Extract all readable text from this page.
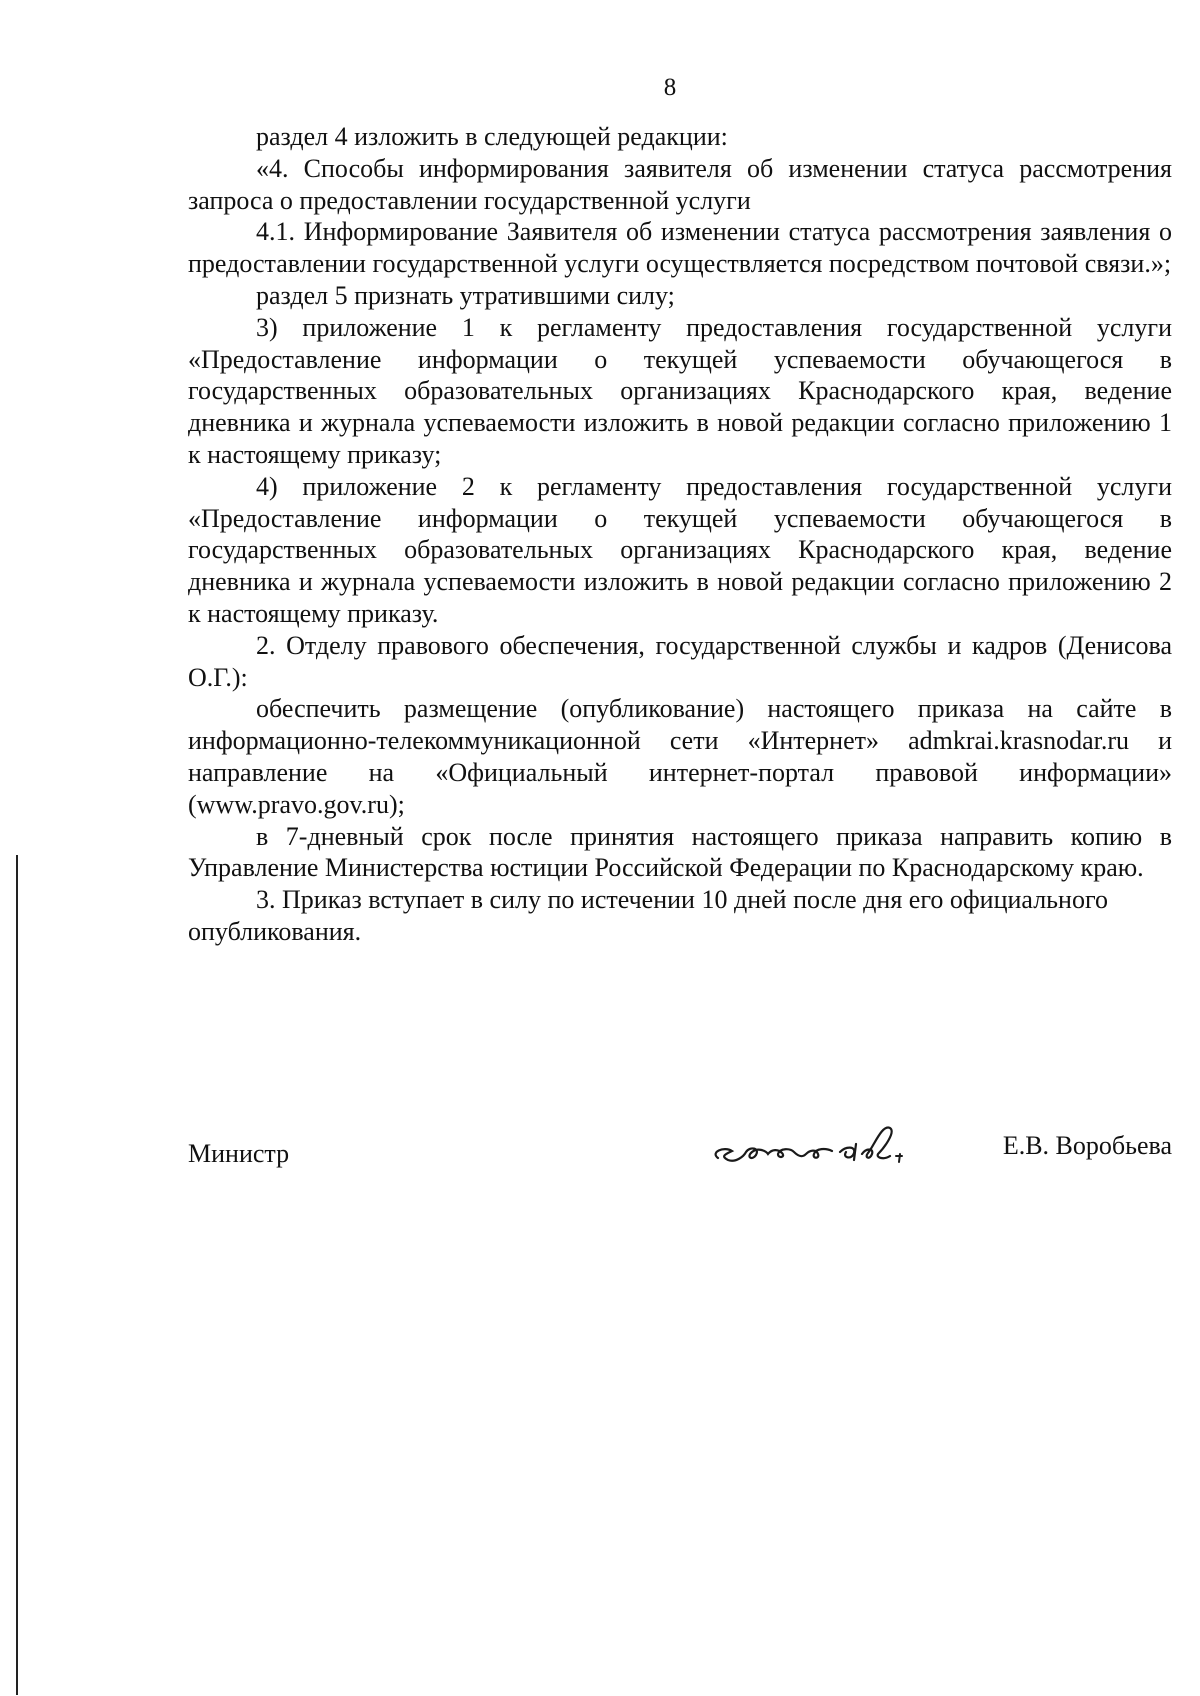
8

раздел 4 изложить в следующей редакции:

«4. Способы информирования заявителя об изменении статуса рассмотрения запроса о предоставлении государственной услуги

4.1. Информирование Заявителя об изменении статуса рассмотрения заявления о предоставлении государственной услуги осуществляется посредством почтовой связи.»;

раздел 5 признать утратившими силу;

3) приложение 1 к регламенту предоставления государственной услуги «Предоставление информации о текущей успеваемости обучающегося в государственных образовательных организациях Краснодарского края, ведение дневника и журнала успеваемости изложить в новой редакции согласно приложению 1 к настоящему приказу;

4) приложение 2 к регламенту предоставления государственной услуги «Предоставление информации о текущей успеваемости обучающегося в государственных образовательных организациях Краснодарского края, ведение дневника и журнала успеваемости изложить в новой редакции согласно приложению 2 к настоящему приказу.

2. Отделу правового обеспечения, государственной службы и кадров (Денисова О.Г.):

обеспечить размещение (опубликование) настоящего приказа на сайте в информационно-телекоммуникационной сети «Интернет» admkrai.krasnodar.ru и направление на «Официальный интернет-портал правовой информации» (www.pravo.gov.ru);

в 7-дневный срок после принятия настоящего приказа направить копию в Управление Министерства юстиции Российской Федерации по Краснодарскому краю.

3. Приказ вступает в силу по истечении 10 дней после дня его официального опубликования.

Министр	Е.В. Воробьева
